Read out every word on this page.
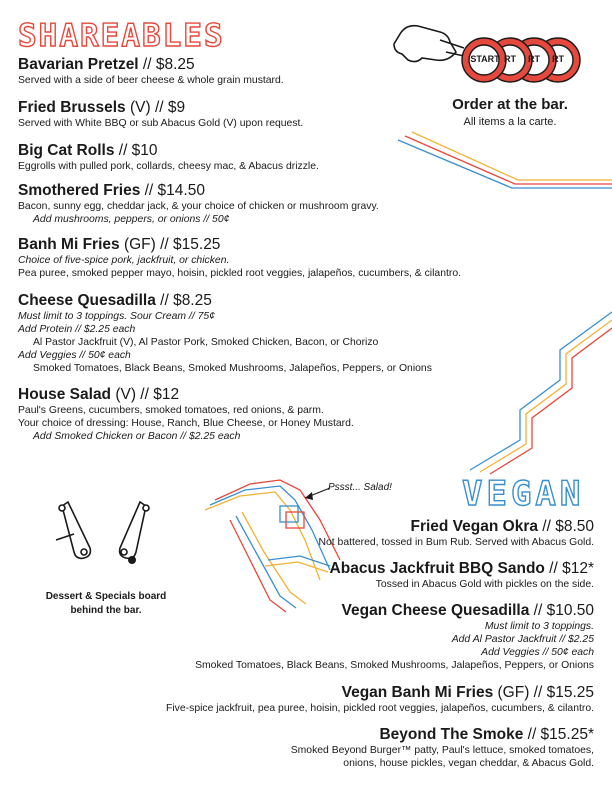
START RT	RT	RT
Order at the bar.
All items a la carte.
Dessert & Specials board
behind the bar.
Pssst... Salad!
SHAREABLES
Bavarian Pretzel // $8.25
Served with a side of beer cheese & whole grain mustard.
Fried Brussels (V) // $9
Served with White BBQ or sub Abacus Gold (V) upon request.
Big Cat Rolls // $10
Eggrolls with pulled pork, collards, cheesy mac, & Abacus drizzle.
Smothered Fries // $14.50
Bacon, sunny egg, cheddar jack, & your choice of chicken or mushroom gravy.
Add mushrooms, peppers, or onions // 50¢
Banh Mi Fries (GF) // $15.25
Choice of five-spice pork, jackfruit, or chicken.
Pea puree, smoked pepper mayo, hoisin, pickled root veggies, jalapeños, cucumbers, & cilantro.
Cheese Quesadilla // $8.25
Must limit to 3 toppings. Sour Cream // 75¢
Add Protein // $2.25 each
Al Pastor Jackfruit (V), Al Pastor Pork, Smoked Chicken, Bacon, or Chorizo
Add Veggies // 50¢ each
Smoked Tomatoes, Black Beans, Smoked Mushrooms, Jalapeños, Peppers, or Onions
House Salad (V) // $12
Paul's Greens, cucumbers, smoked tomatoes, red onions, & parm.
Your choice of dressing: House, Ranch, Blue Cheese, or Honey Mustard.
Add Smoked Chicken or Bacon // $2.25 each
VEGAN
Fried Vegan Okra // $8.50
Not battered, tossed in Bum Rub. Served with Abacus Gold.
Abacus Jackfruit BBQ Sando // $12*
Tossed in Abacus Gold with pickles on the side.
Vegan Cheese Quesadilla // $10.50
Must limit to 3 toppings.
Add Al Pastor Jackfruit // $2.25
Add Veggies // 50¢ each
Smoked Tomatoes, Black Beans, Smoked Mushrooms, Jalapeños, Peppers, or Onions
Vegan Banh Mi Fries (GF) // $15.25
Five-spice jackfruit, pea puree, hoisin, pickled root veggies, jalapeños, cucumbers, & cilantro.
Beyond The Smoke // $15.25*
Smoked Beyond Burger™ patty, Paul's lettuce, smoked tomatoes,
onions, house pickles, vegan cheddar, & Abacus Gold.
